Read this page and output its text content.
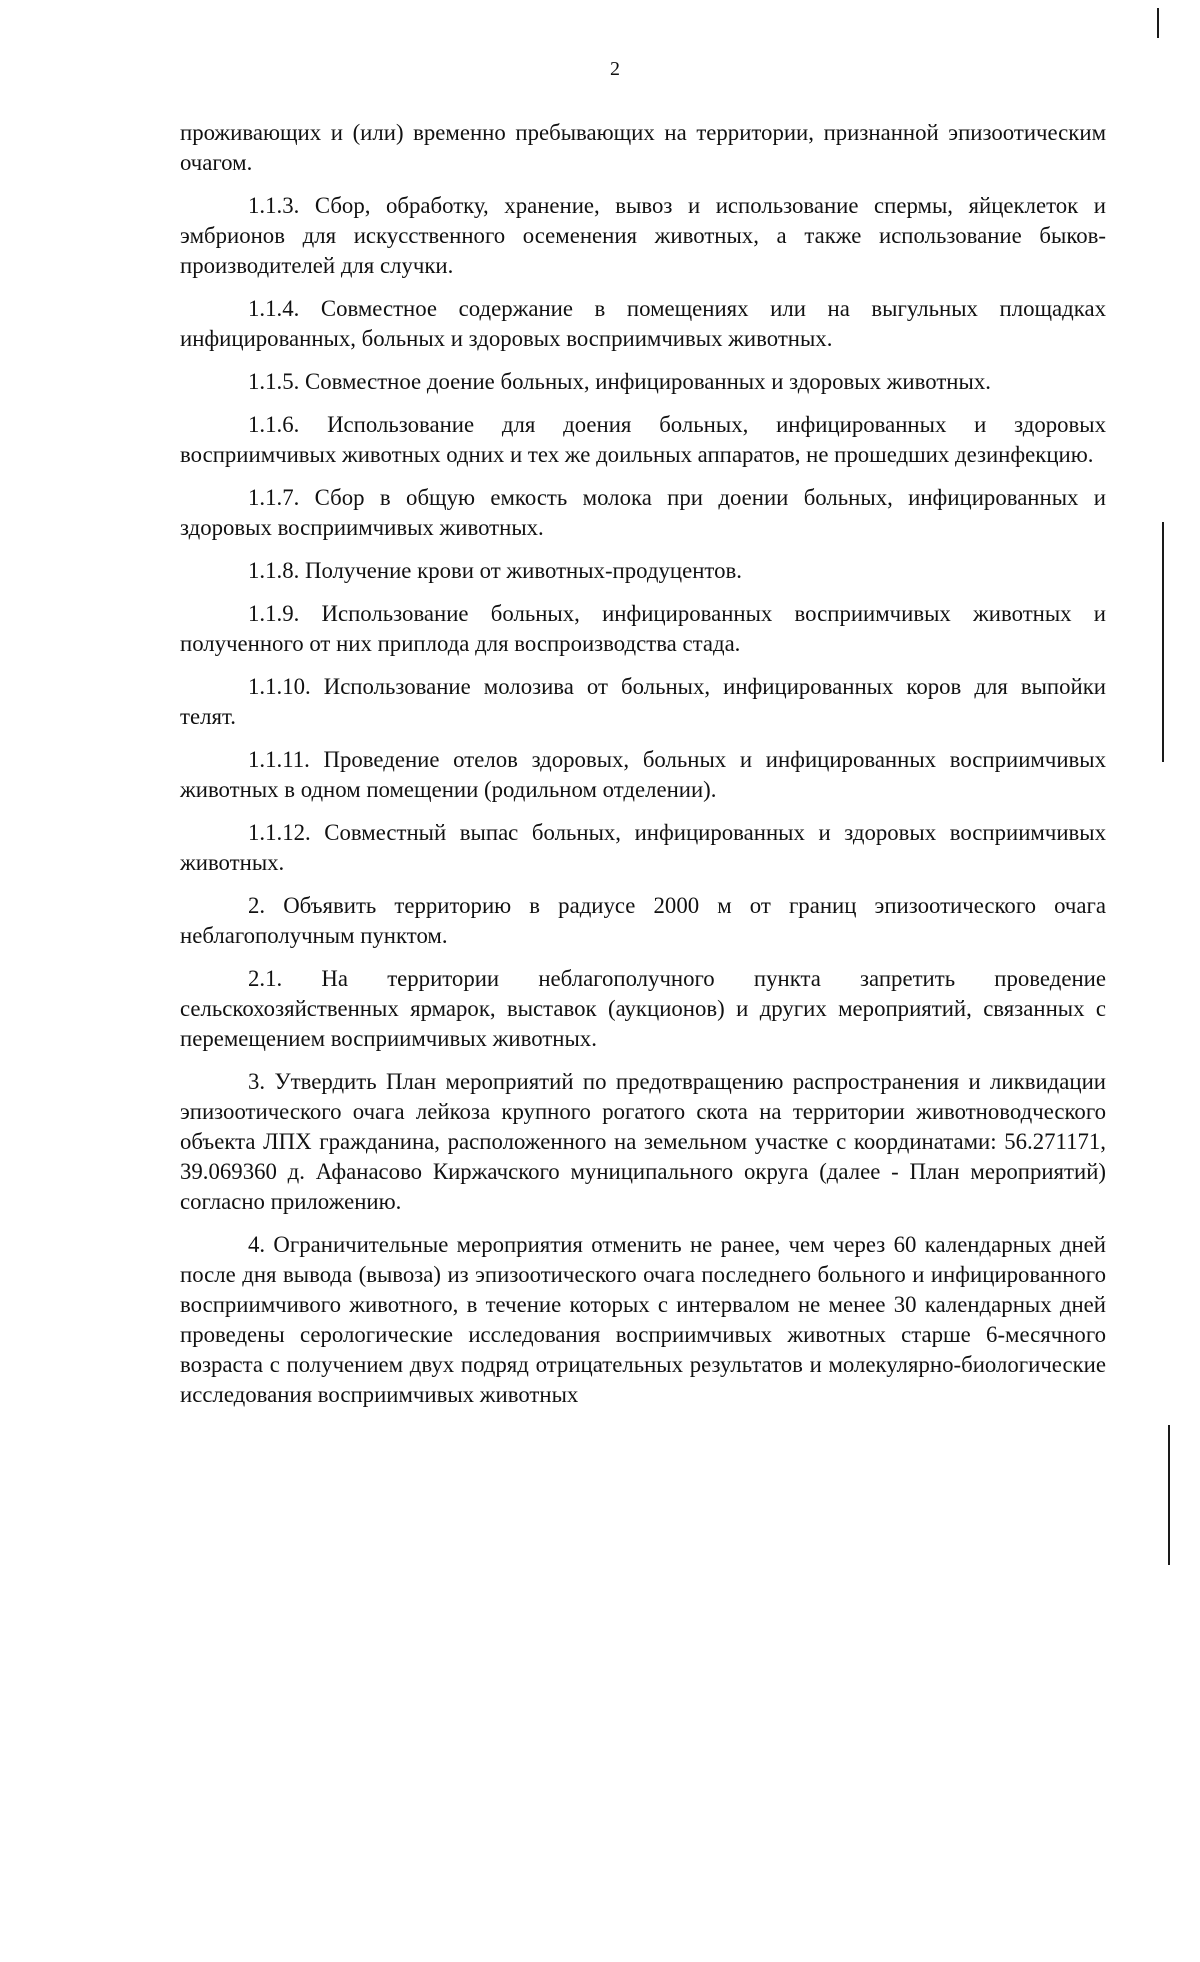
2

проживающих и (или) временно пребывающих на территории, признанной эпизоотическим очагом.

1.1.3. Сбор, обработку, хранение, вывоз и использование спермы, яйцеклеток и эмбрионов для искусственного осеменения животных, а также использование быков-производителей для случки.

1.1.4. Совместное содержание в помещениях или на выгульных площадках инфицированных, больных и здоровых восприимчивых животных.

1.1.5. Совместное доение больных, инфицированных и здоровых животных.

1.1.6. Использование для доения больных, инфицированных и здоровых восприимчивых животных одних и тех же доильных аппаратов, не прошедших дезинфекцию.

1.1.7. Сбор в общую емкость молока при доении больных, инфицированных и здоровых восприимчивых животных.

1.1.8. Получение крови от животных-продуцентов.

1.1.9. Использование больных, инфицированных восприимчивых животных и полученного от них приплода для воспроизводства стада.

1.1.10. Использование молозива от больных, инфицированных коров для выпойки телят.

1.1.11. Проведение отелов здоровых, больных и инфицированных восприимчивых животных в одном помещении (родильном отделении).

1.1.12. Совместный выпас больных, инфицированных и здоровых восприимчивых животных.

2. Объявить территорию в радиусе 2000 м от границ эпизоотического очага неблагополучным пунктом.

2.1. На территории неблагополучного пункта запретить проведение сельскохозяйственных ярмарок, выставок (аукционов) и других мероприятий, связанных с перемещением восприимчивых животных.

3. Утвердить План мероприятий по предотвращению распространения и ликвидации эпизоотического очага лейкоза крупного рогатого скота на территории животноводческого объекта ЛПХ гражданина, расположенного на земельном участке с координатами: 56.271171, 39.069360 д. Афанасово Киржачского муниципального округа (далее - План мероприятий) согласно приложению.

4. Ограничительные мероприятия отменить не ранее, чем через 60 календарных дней после дня вывода (вывоза) из эпизоотического очага последнего больного и инфицированного восприимчивого животного, в течение которых с интервалом не менее 30 календарных дней проведены серологические исследования восприимчивых животных старше 6-месячного возраста с получением двух подряд отрицательных результатов и молекулярно-биологические исследования восприимчивых животных
